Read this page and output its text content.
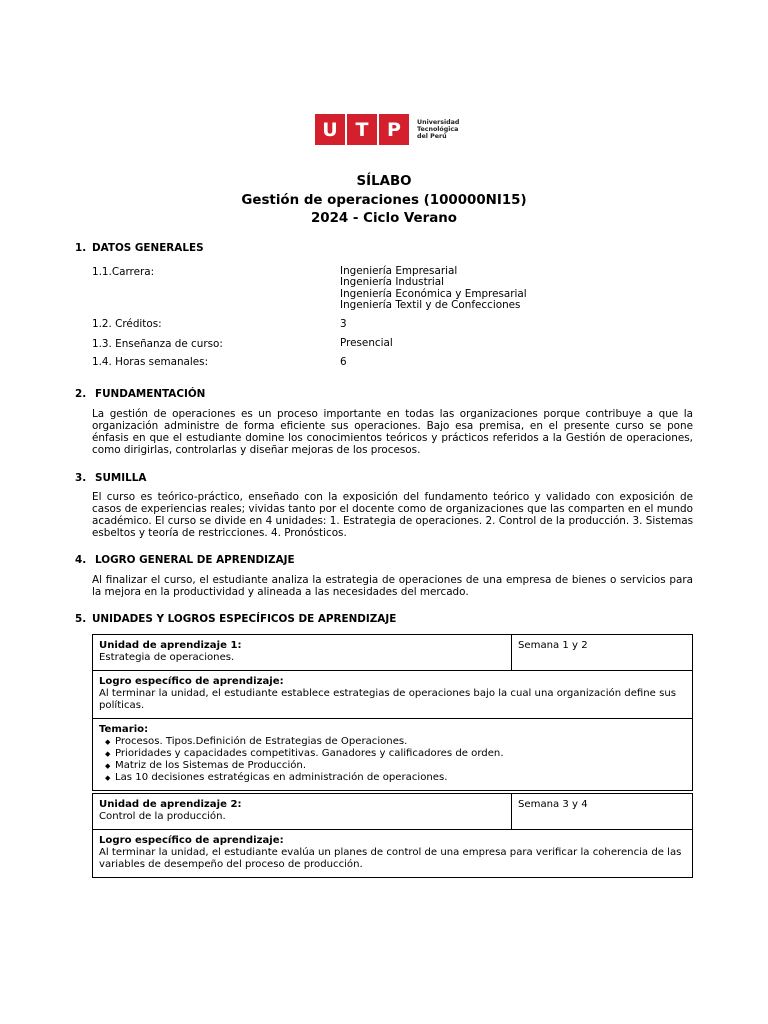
U T P	Universidad
Tecnológica
del Perú
SÍLABO
Gestión de operaciones (100000NI15)
2024 - Ciclo Verano
1. DATOS GENERALES
1.1.Carrera:	Ingeniería Empresarial
Ingeniería Industrial
Ingeniería Económica y Empresarial
Ingeniería Textil y de Confecciones
1.2. Créditos:	3
1.3. Enseñanza de curso:	Presencial
1.4. Horas semanales:	6
2. FUNDAMENTACIÓN
La gestión de operaciones es un proceso importante en todas las organizaciones porque contribuye a que la organización administre de forma eficiente sus operaciones. Bajo esa premisa, en el presente curso se pone énfasis en que el estudiante domine los conocimientos teóricos y prácticos referidos a la Gestión de operaciones, como dirigirlas, controlarlas y diseñar mejoras de los procesos.
3. SUMILLA
El curso es teórico-práctico, enseñado con la exposición del fundamento teórico y validado con exposición de casos de experiencias reales; vividas tanto por el docente como de organizaciones que las comparten en el mundo académico. El curso se divide en 4 unidades: 1. Estrategia de operaciones. 2. Control de la producción. 3. Sistemas esbeltos y teoría de restricciones. 4. Pronósticos.
4. LOGRO GENERAL DE APRENDIZAJE
Al finalizar el curso, el estudiante analiza la estrategia de operaciones de una empresa de bienes o servicios para la mejora en la productividad y alineada a las necesidades del mercado.
5. UNIDADES Y LOGROS ESPECÍFICOS DE APRENDIZAJE
Unidad de aprendizaje 1:
Estrategia de operaciones.
Semana 1 y 2
Logro específico de aprendizaje:
Al terminar la unidad, el estudiante establece estrategias de operaciones bajo la cual una organización define sus políticas.
Temario:
◆ Procesos. Tipos.Definición de Estrategias de Operaciones.
◆ Prioridades y capacidades competitivas. Ganadores y calificadores de orden.
◆ Matriz de los Sistemas de Producción.
◆ Las 10 decisiones estratégicas en administración de operaciones.
Unidad de aprendizaje 2:
Control de la producción.
Semana 3 y 4
Logro específico de aprendizaje:
Al terminar la unidad, el estudiante evalúa un planes de control de una empresa para verificar la coherencia de las variables de desempeño del proceso de producción.
